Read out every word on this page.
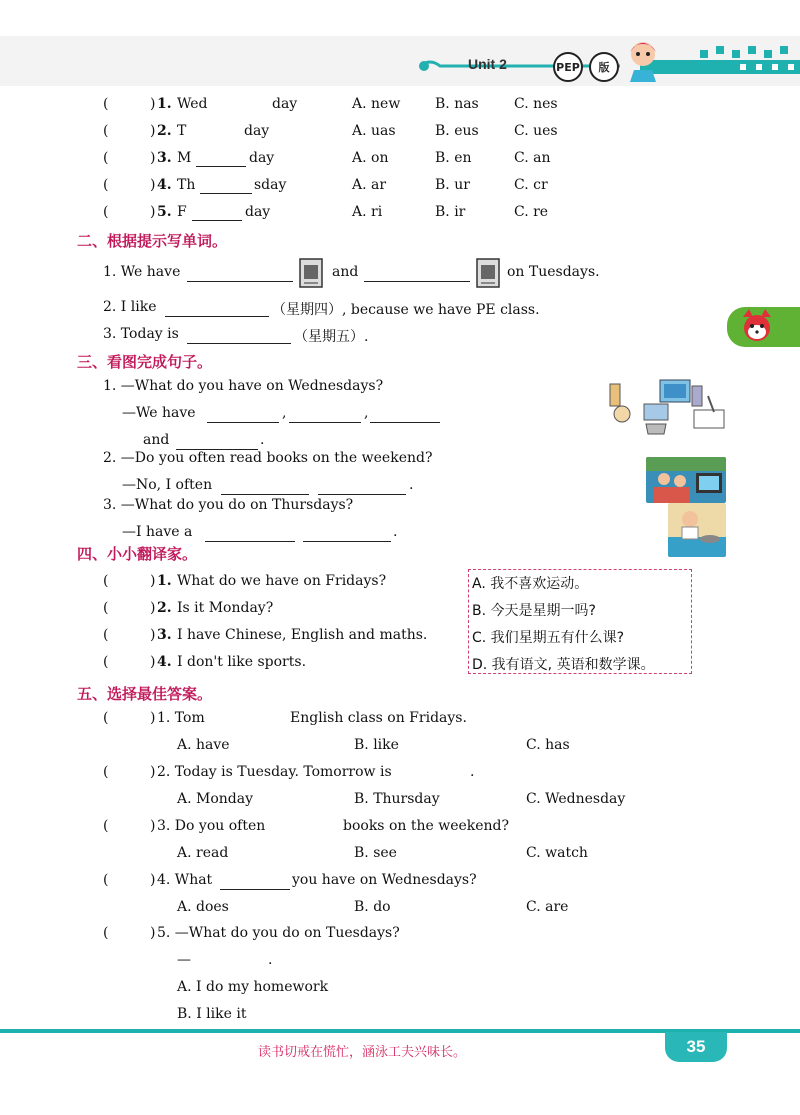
Unit 2	PEP	版
(	) 1. Wed	day	A. new B. nas	C. nes
(	) 2. T	day	A. uas	B. eus	C. ues
(	) 3. M	day	A. on	B. en	C. an
(	) 4. Th	sday	A. ar	B. ur	C. cr
(	) 5. F	day	A. ri	B. ir	C. re
二、根据提示写单词。
1. We have	and	on Tuesdays.
2. I like	（星期四）, because we have PE class.
3. Today is	（星期五）.
三、看图完成句子。
1. —What do you have on Wednesdays?
—We have	,	,
and	.
2. —Do you often read books on the weekend?
—No, I often	.
3. —What do you do on Thursdays?
—I have a	.
四、小小翻译家。
(	) 1. What do we have on Fridays?
(	) 2. Is it Monday?
(	) 3. I have Chinese, English and maths.
(	) 4. I don't like sports.
A. 我不喜欢运动。
B. 今天是星期一吗?
C. 我们星期五有什么课?
D. 我有语文, 英语和数学课。
五、选择最佳答案。
(	) 1. Tom	English class on Fridays.
A. have	B. like	C. has
(	) 2. Today is Tuesday. Tomorrow is	.
A. Monday	B. Thursday	C. Wednesday
(	) 3. Do you often	books on the weekend?
A. read	B. see	C. watch
(	) 4. What	you have on Wednesdays?
A. does	B. do	C. are
(	) 5. —What do you do on Tuesdays?
—	.
A. I do my homework
B. I like it
读书切戒在慌忙，涵泳工夫兴味长。	35
